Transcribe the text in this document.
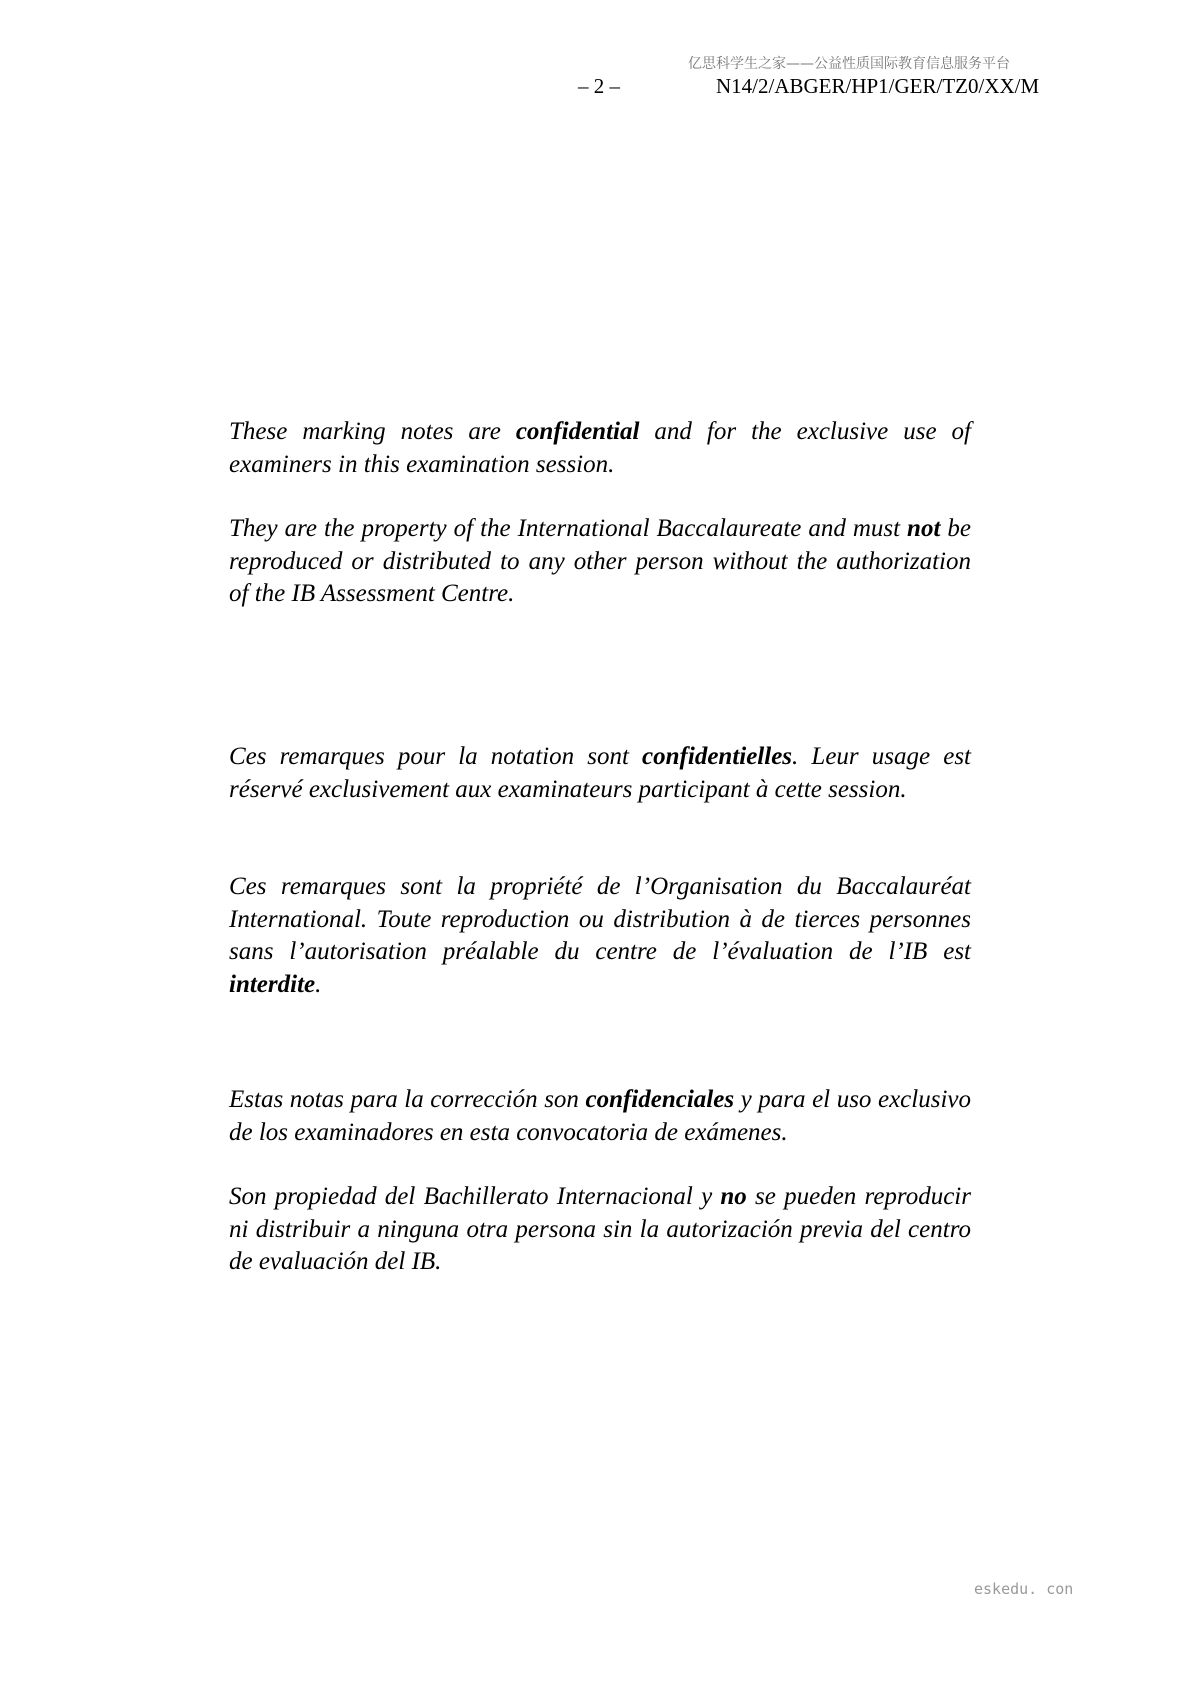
亿思科学生之家——公益性质国际教育信息服务平台
– 2 –	N14/2/ABGER/HP1/GER/TZ0/XX/M

These marking notes are confidential and for the exclusive use of examiners in this examination session.

They are the property of the International Baccalaureate and must not be reproduced or distributed to any other person without the authorization of the IB Assessment Centre.

Ces remarques pour la notation sont confidentielles. Leur usage est réservé exclusivement aux examinateurs participant à cette session.

Ces remarques sont la propriété de l’Organisation du Baccalauréat International. Toute reproduction ou distribution à de tierces personnes sans l’autorisation préalable du centre de l’évaluation de l’IB est interdite.

Estas notas para la corrección son confidenciales y para el uso exclusivo de los examinadores en esta convocatoria de exámenes.

Son propiedad del Bachillerato Internacional y no se pueden reproducir ni distribuir a ninguna otra persona sin la autorización previa del centro de evaluación del IB.

eskedu. con
